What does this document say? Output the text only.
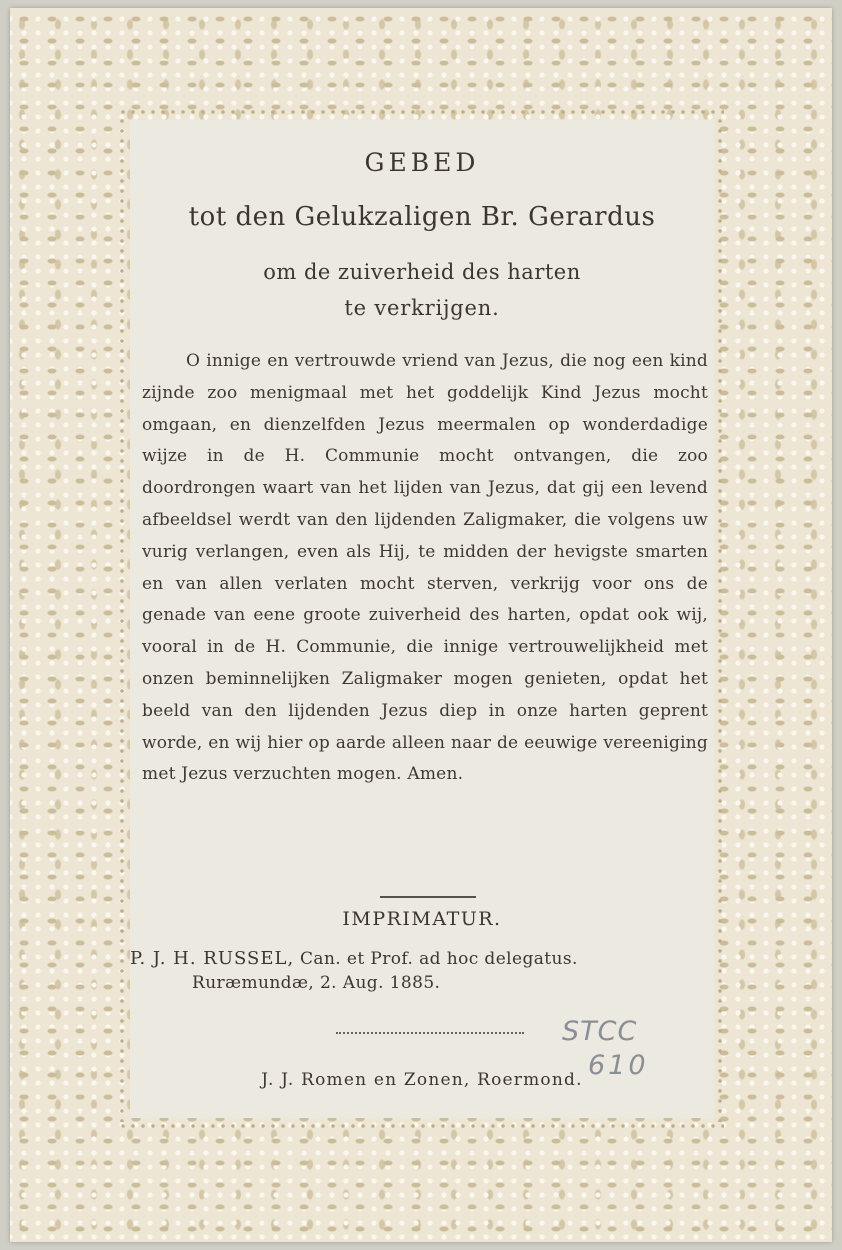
GEBED
tot den Gelukzaligen Br. Gerardus
om de zuiverheid des harten
te verkrijgen.
O innige en vertrouwde vriend van Jezus, die nog een kind zijnde zoo menigmaal met het goddelijk Kind Jezus mocht omgaan, en dienzelfden Jezus meermalen op wonderdadige wijze in de H. Communie mocht ontvangen, die zoo doordrongen waart van het lijden van Jezus, dat gij een levend afbeeldsel werdt van den lijdenden Zaligmaker, die volgens uw vurig verlangen, even als Hij, te midden der hevigste smarten en van allen verlaten mocht sterven, verkrijg voor ons de genade van eene groote zuiverheid des harten, opdat ook wij, vooral in de H. Communie, die innige vertrouwelijkheid met onzen beminnelijken Zaligmaker mogen genieten, opdat het beeld van den lijdenden Jezus diep in onze harten geprent worde, en wij hier op aarde alleen naar de eeuwige vereeniging met Jezus verzuchten mogen. Amen.
IMPRIMATUR.
P. J. H. RUSSEL, Can. et Prof. ad hoc delegatus.
Ruræmundæ, 2. Aug. 1885.
J. J. Romen en Zonen, Roermond.
STCC
610
